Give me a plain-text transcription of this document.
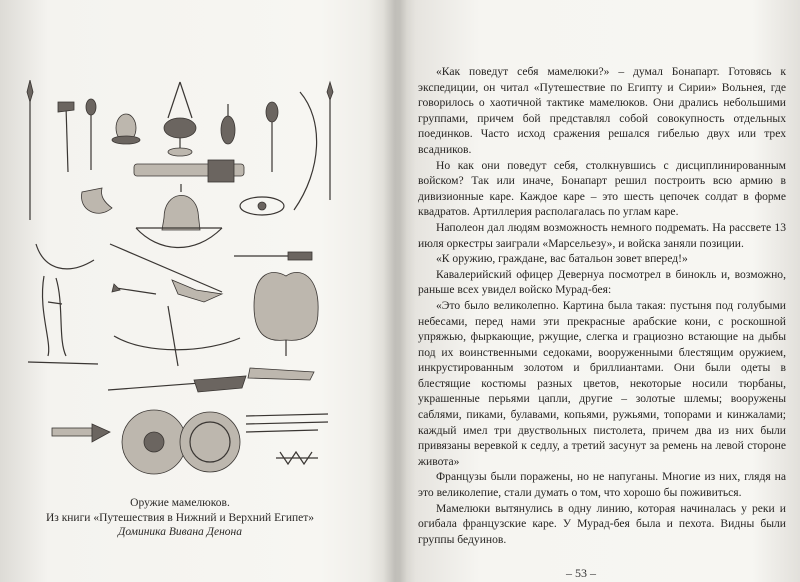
Оружие мамелюков.
Из книги «Путешествия в Нижний и Верхний Египет»
Доминика Вивана Денона

«Как поведут себя мамелюки?» – думал Бонапарт. Готовясь к экспедиции, он читал «Путешествие по Египту и Сирии» Вольнея, где говорилось о хаотичной тактике мамелюков. Они дрались небольшими группами, причем бой представлял собой совокупность отдельных поединков. Часто исход сражения решался гибелью двух или трех всадников.

Но как они поведут себя, столкнувшись с дисциплинированным войском? Так или иначе, Бонапарт решил построить всю армию в дивизионные каре. Каждое каре – это шесть цепочек солдат в форме квадратов. Артиллерия располагалась по углам каре.

Наполеон дал людям возможность немного подремать. На рассвете 13 июля оркестры заиграли «Марсельезу», и войска заняли позиции.

«К оружию, граждане, вас батальон зовет вперед!»

Кавалерийский офицер Девернуа посмотрел в бинокль и, возможно, раньше всех увидел войско Мурад-бея:

«Это было великолепно. Картина была такая: пустыня под голубыми небесами, перед нами эти прекрасные арабские кони, с роскошной упряжью, фыркающие, ржущие, слегка и грациозно встающие на дыбы под их воинственными седоками, вооруженными блестящим оружием, инкрустированным золотом и бриллиантами. Они были одеты в блестящие костюмы разных цветов, некоторые носили тюрбаны, украшенные перьями цапли, другие – золотые шлемы; вооружены саблями, пиками, булавами, копьями, ружьями, топорами и кинжалами; каждый имел три двуствольных пистолета, причем два из них были привязаны веревкой к седлу, а третий засунут за ремень на левой стороне живота»

Французы были поражены, но не напуганы. Многие из них, глядя на это великолепие, стали думать о том, что хорошо бы поживиться.

Мамелюки вытянулись в одну линию, которая начиналась у реки и огибала французские каре. У Мурад-бея была и пехота. Видны были группы бедуинов.

– 53 –
